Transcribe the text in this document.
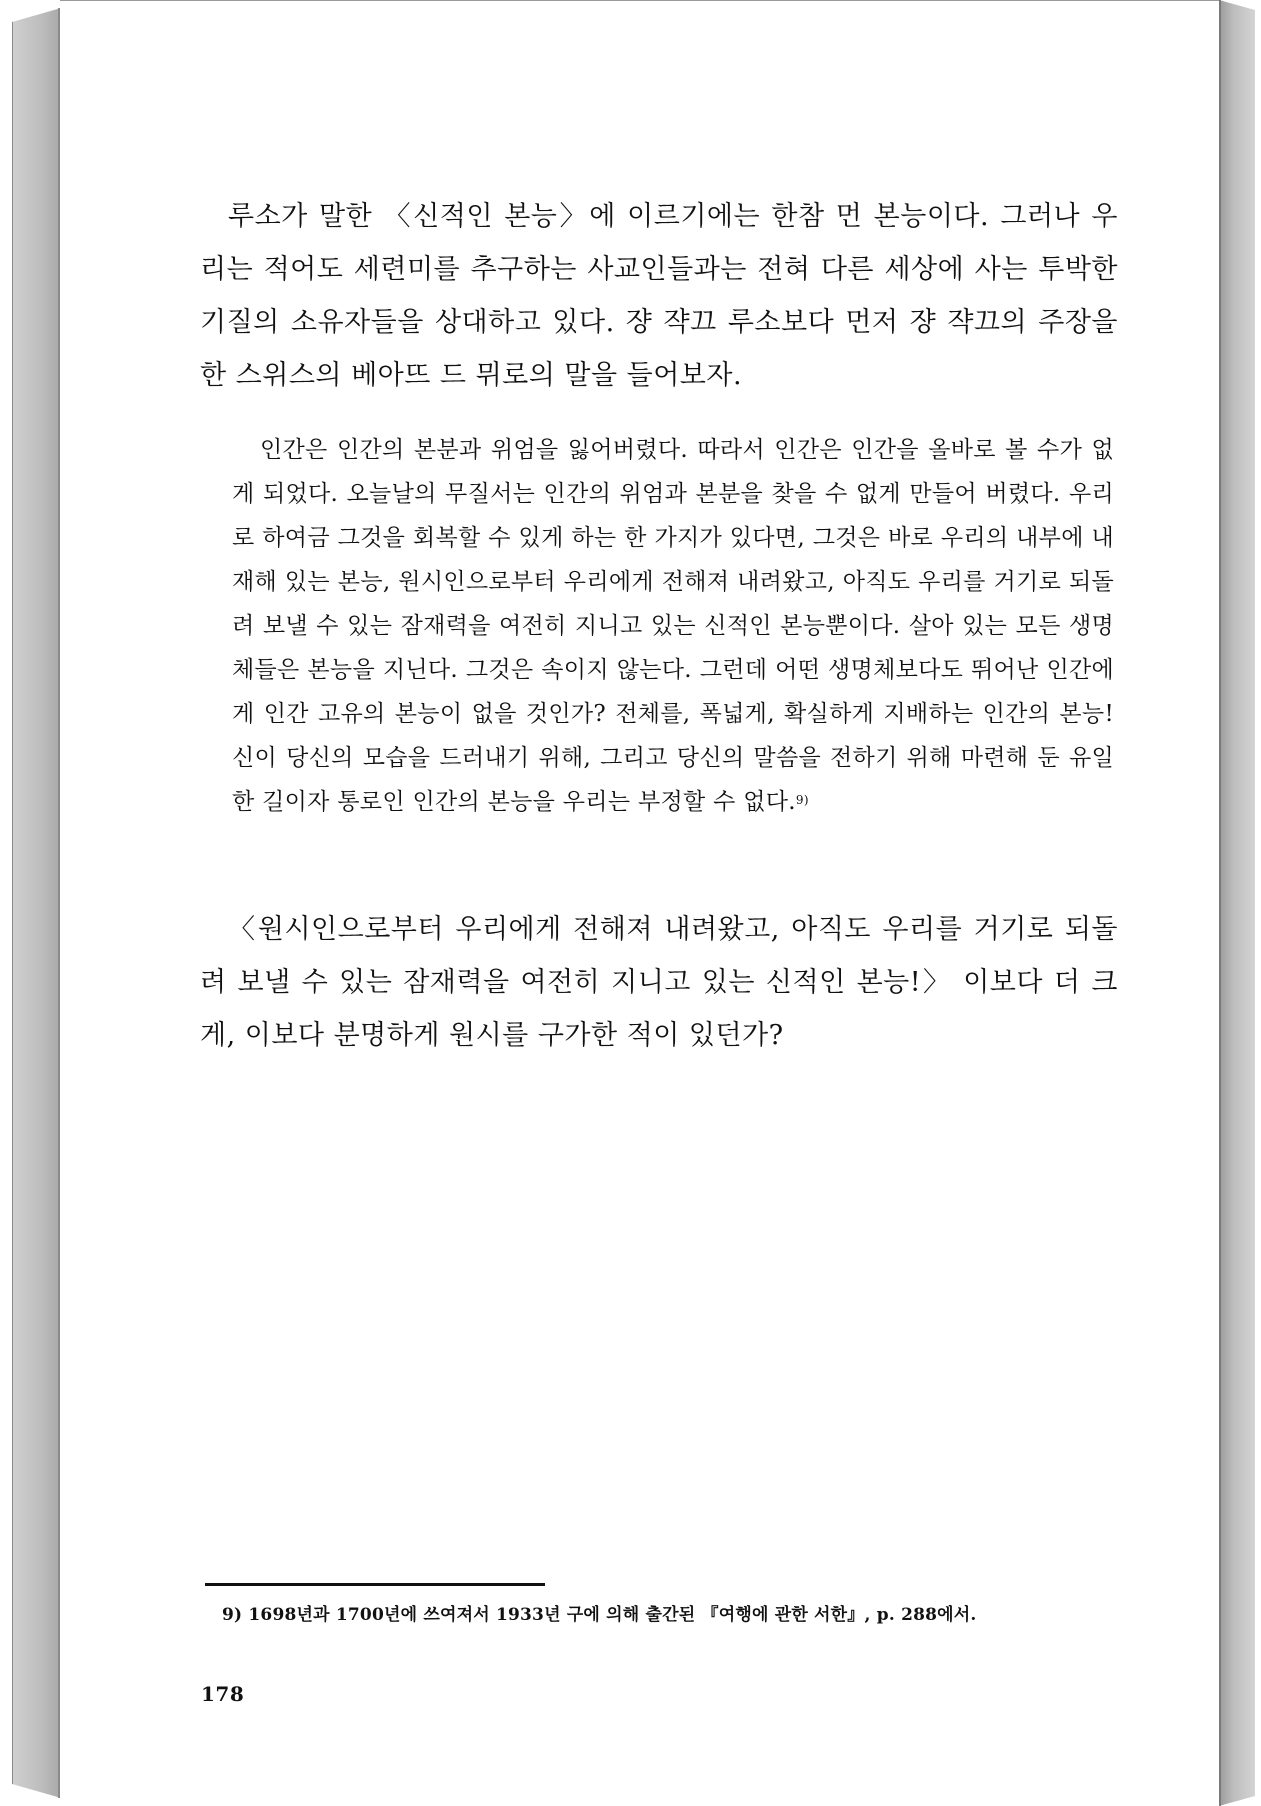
루소가 말한 〈신적인 본능〉에 이르기에는 한참 먼 본능이다. 그러나 우리는 적어도 세련미를 추구하는 사교인들과는 전혀 다른 세상에 사는 투박한 기질의 소유자들을 상대하고 있다. 쟝 쟉끄 루소보다 먼저 쟝 쟉끄의 주장을 한 스위스의 베아뜨 드 뮈로의 말을 들어보자.

인간은 인간의 본분과 위엄을 잃어버렸다. 따라서 인간은 인간을 올바로 볼 수가 없게 되었다. 오늘날의 무질서는 인간의 위엄과 본분을 찾을 수 없게 만들어 버렸다. 우리로 하여금 그것을 회복할 수 있게 하는 한 가지가 있다면, 그것은 바로 우리의 내부에 내재해 있는 본능, 원시인으로부터 우리에게 전해져 내려왔고, 아직도 우리를 거기로 되돌려 보낼 수 있는 잠재력을 여전히 지니고 있는 신적인 본능뿐이다. 살아 있는 모든 생명체들은 본능을 지닌다. 그것은 속이지 않는다. 그런데 어떤 생명체보다도 뛰어난 인간에게 인간 고유의 본능이 없을 것인가? 전체를, 폭넓게, 확실하게 지배하는 인간의 본능! 신이 당신의 모습을 드러내기 위해, 그리고 당신의 말씀을 전하기 위해 마련해 둔 유일한 길이자 통로인 인간의 본능을 우리는 부정할 수 없다.$^{9)}$

〈원시인으로부터 우리에게 전해져 내려왔고, 아직도 우리를 거기로 되돌려 보낼 수 있는 잠재력을 여전히 지니고 있는 신적인 본능!〉 이보다 더 크게, 이보다 분명하게 원시를 구가한 적이 있던가?

9) 1698년과 1700년에 쓰여져서 1933년 구에 의해 출간된 『여행에 관한 서한』, p. 288에서.

178
